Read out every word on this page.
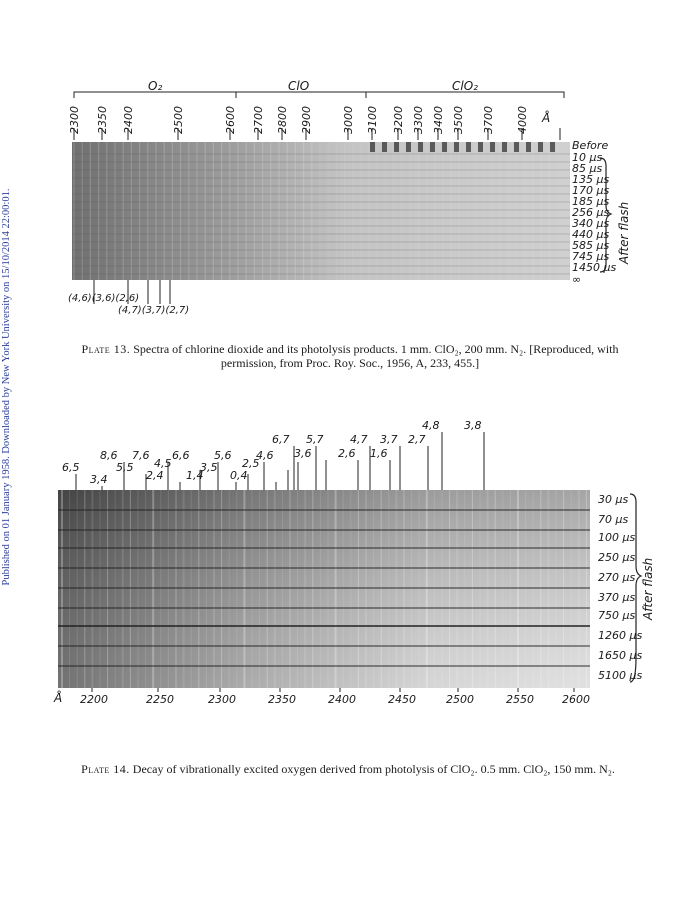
Published on 01 January 1958. Downloaded by New York University on 15/10/2014 22:00:01.
2300 2350 2400	2500	2600 2700 2800 2900	3000 3100 3200 3300 3400 3500 3700 4000 Å
O₂	ClO	ClO₂
Before
10 μs
85 μs
135 μs
170 μs
185 μs
256 μs
340 μs
440 μs
585 μs
745 μs
1450 μs
∞
After flash
(4,6)(3,6)(2,6)
(4,7)(3,7)(2,7)
Plate 13. Spectra of chlorine dioxide and its photolysis products. 1 mm. ClO₂, 200 mm. N₂. [Reproduced, with permission, from Proc. Roy. Soc., 1956, A, 233, 455.]
6,5
3,4
8,6
5,5
7,6
2,4
4,5
6,6
1,4
3,5
5,6
0,4
2,5
4,6
6,7
3,6
5,7
2,6
4,7
1,6
3,7 2,7
4,8 3,8
30 μs
70 μs
100 μs
250 μs
270 μs
370 μs
750 μs
1260 μs
1650 μs
5100 μs
After flash
Å 2200	2250	2300	2350	2400	2450	2500	2550	2600
Plate 14. Decay of vibrationally excited oxygen derived from photolysis of ClO₂. 0.5 mm. ClO₂, 150 mm. N₂.
